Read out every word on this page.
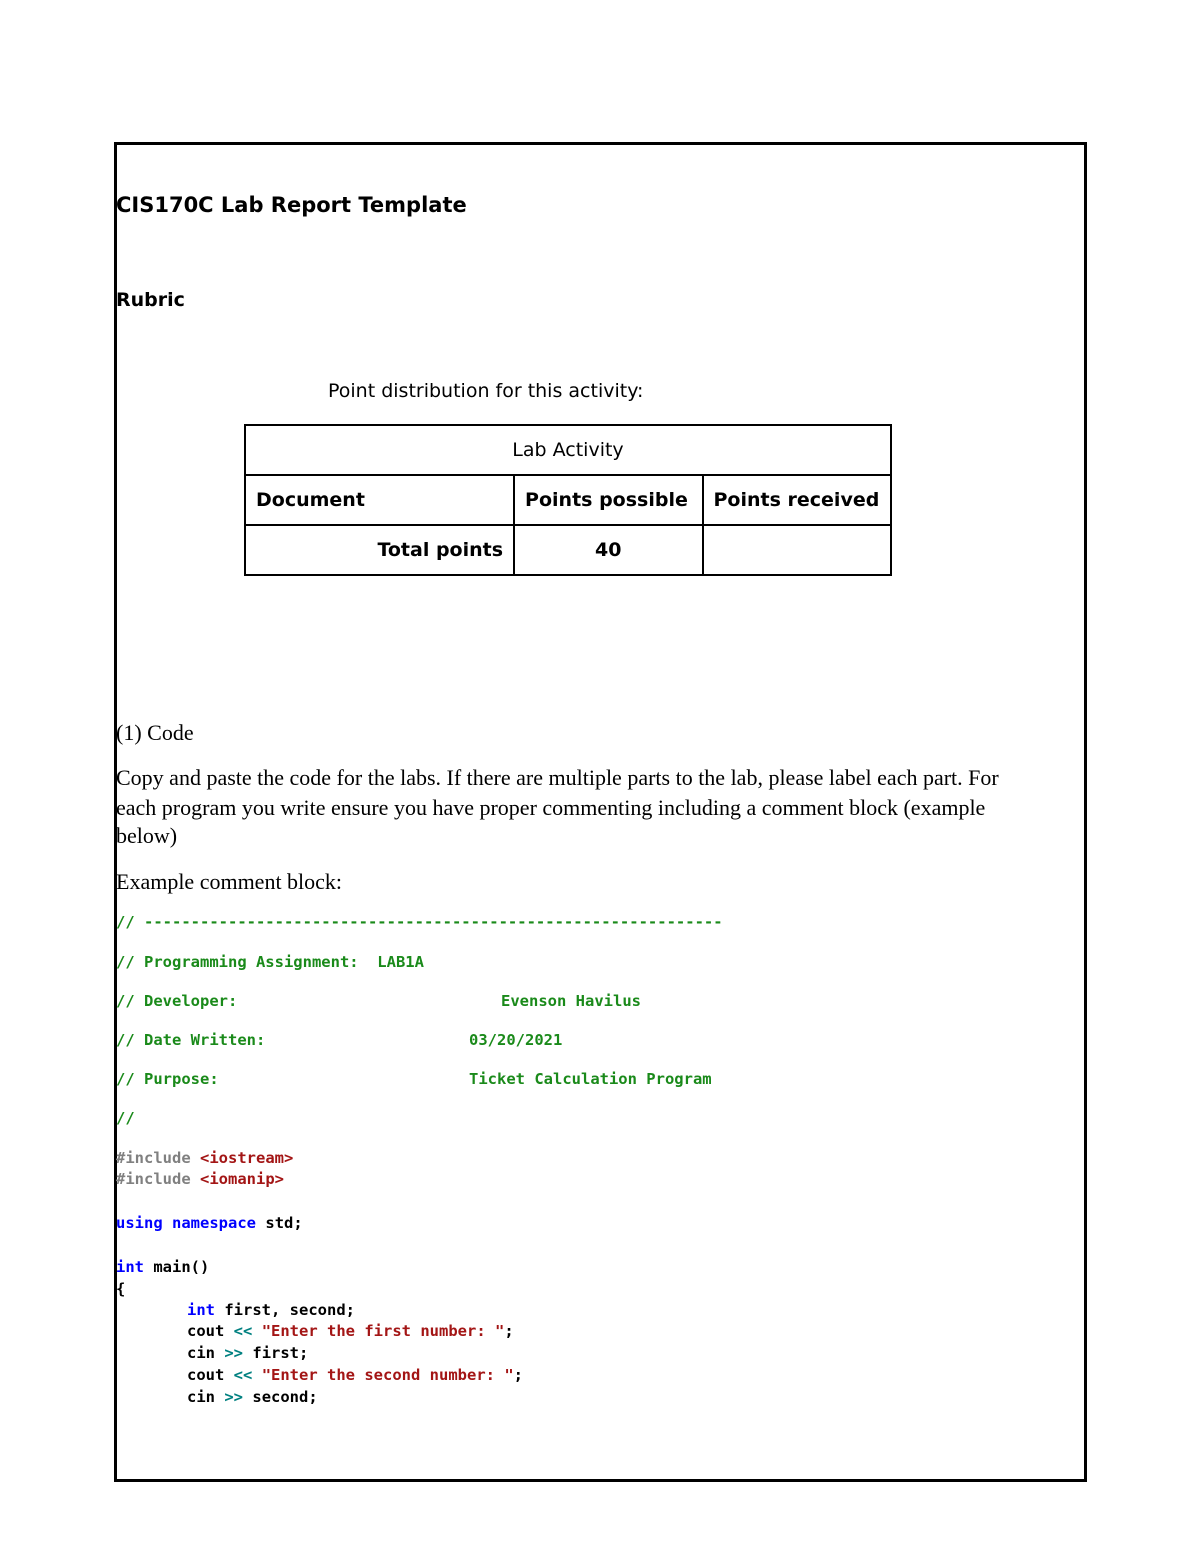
CIS170C Lab Report Template
Rubric
Point distribution for this activity:
Lab Activity		
Document	Points possible	Points received
Total points	40	
(1) Code
Copy and paste the code for the labs. If there are multiple parts to the lab, please label each part. For
each program you write ensure you have proper commenting including a comment block (example
below)
Example comment block:
// --------------------------------------------------------------
// Programming Assignment:  LAB1A
// Developer:	Evenson Havilus
// Date Written:	03/20/2021
// Purpose:	Ticket Calculation Program
//
#include <iostream>
#include <iomanip>
using namespace std;
int main()
{
int first, second;
cout << "Enter the first number: ";
cin >> first;
cout << "Enter the second number: ";
cin >> second;
